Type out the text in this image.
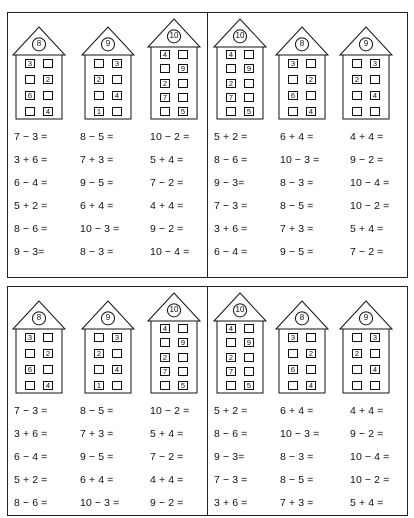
8
3
2
6
4
9
3
2
4
1
10
4
9
2
7
5
7 − 3 =	8 − 5 =	10 − 2 =
3 + 6 =	7 + 3 =	5 + 4 =
6 − 4 =	9 − 5 =	7 − 2 =
5 + 2 =	6 + 4 =	4 + 4 =
8 − 6 =	10 − 3 =	9 − 2 =
9 − 3=	8 − 3 =	10 − 4 =
10
4
9
2
7
5
8
3
2
6
4
9
3
2
4
5 + 2 =	6 + 4 =	4 + 4 =
8 − 6 =	10 − 3 =	9 − 2 =
9 − 3=	8 − 3 =	10 − 4 =
7 − 3 =	8 − 5 =	10 − 2 =
3 + 6 =	7 + 3 =	5 + 4 =
6 − 4 =	9 − 5 =	7 − 2 =
8
3
2
6
4
9
3
2
4
1
10
4
9
2
7
5
7 − 3 =	8 − 5 =	10 − 2 =
3 + 6 =	7 + 3 =	5 + 4 =
6 − 4 =	9 − 5 =	7 − 2 =
5 + 2 =	6 + 4 =	4 + 4 =
8 − 6 =	10 − 3 =	9 − 2 =
10
4
9
2
7
5
8
3
2
6
4
9
3
2
4
5 + 2 =	6 + 4 =	4 + 4 =
8 − 6 =	10 − 3 =	9 − 2 =
9 − 3=	8 − 3 =	10 − 4 =
7 − 3 =	8 − 5 =	10 − 2 =
3 + 6 =	7 + 3 =	5 + 4 =
